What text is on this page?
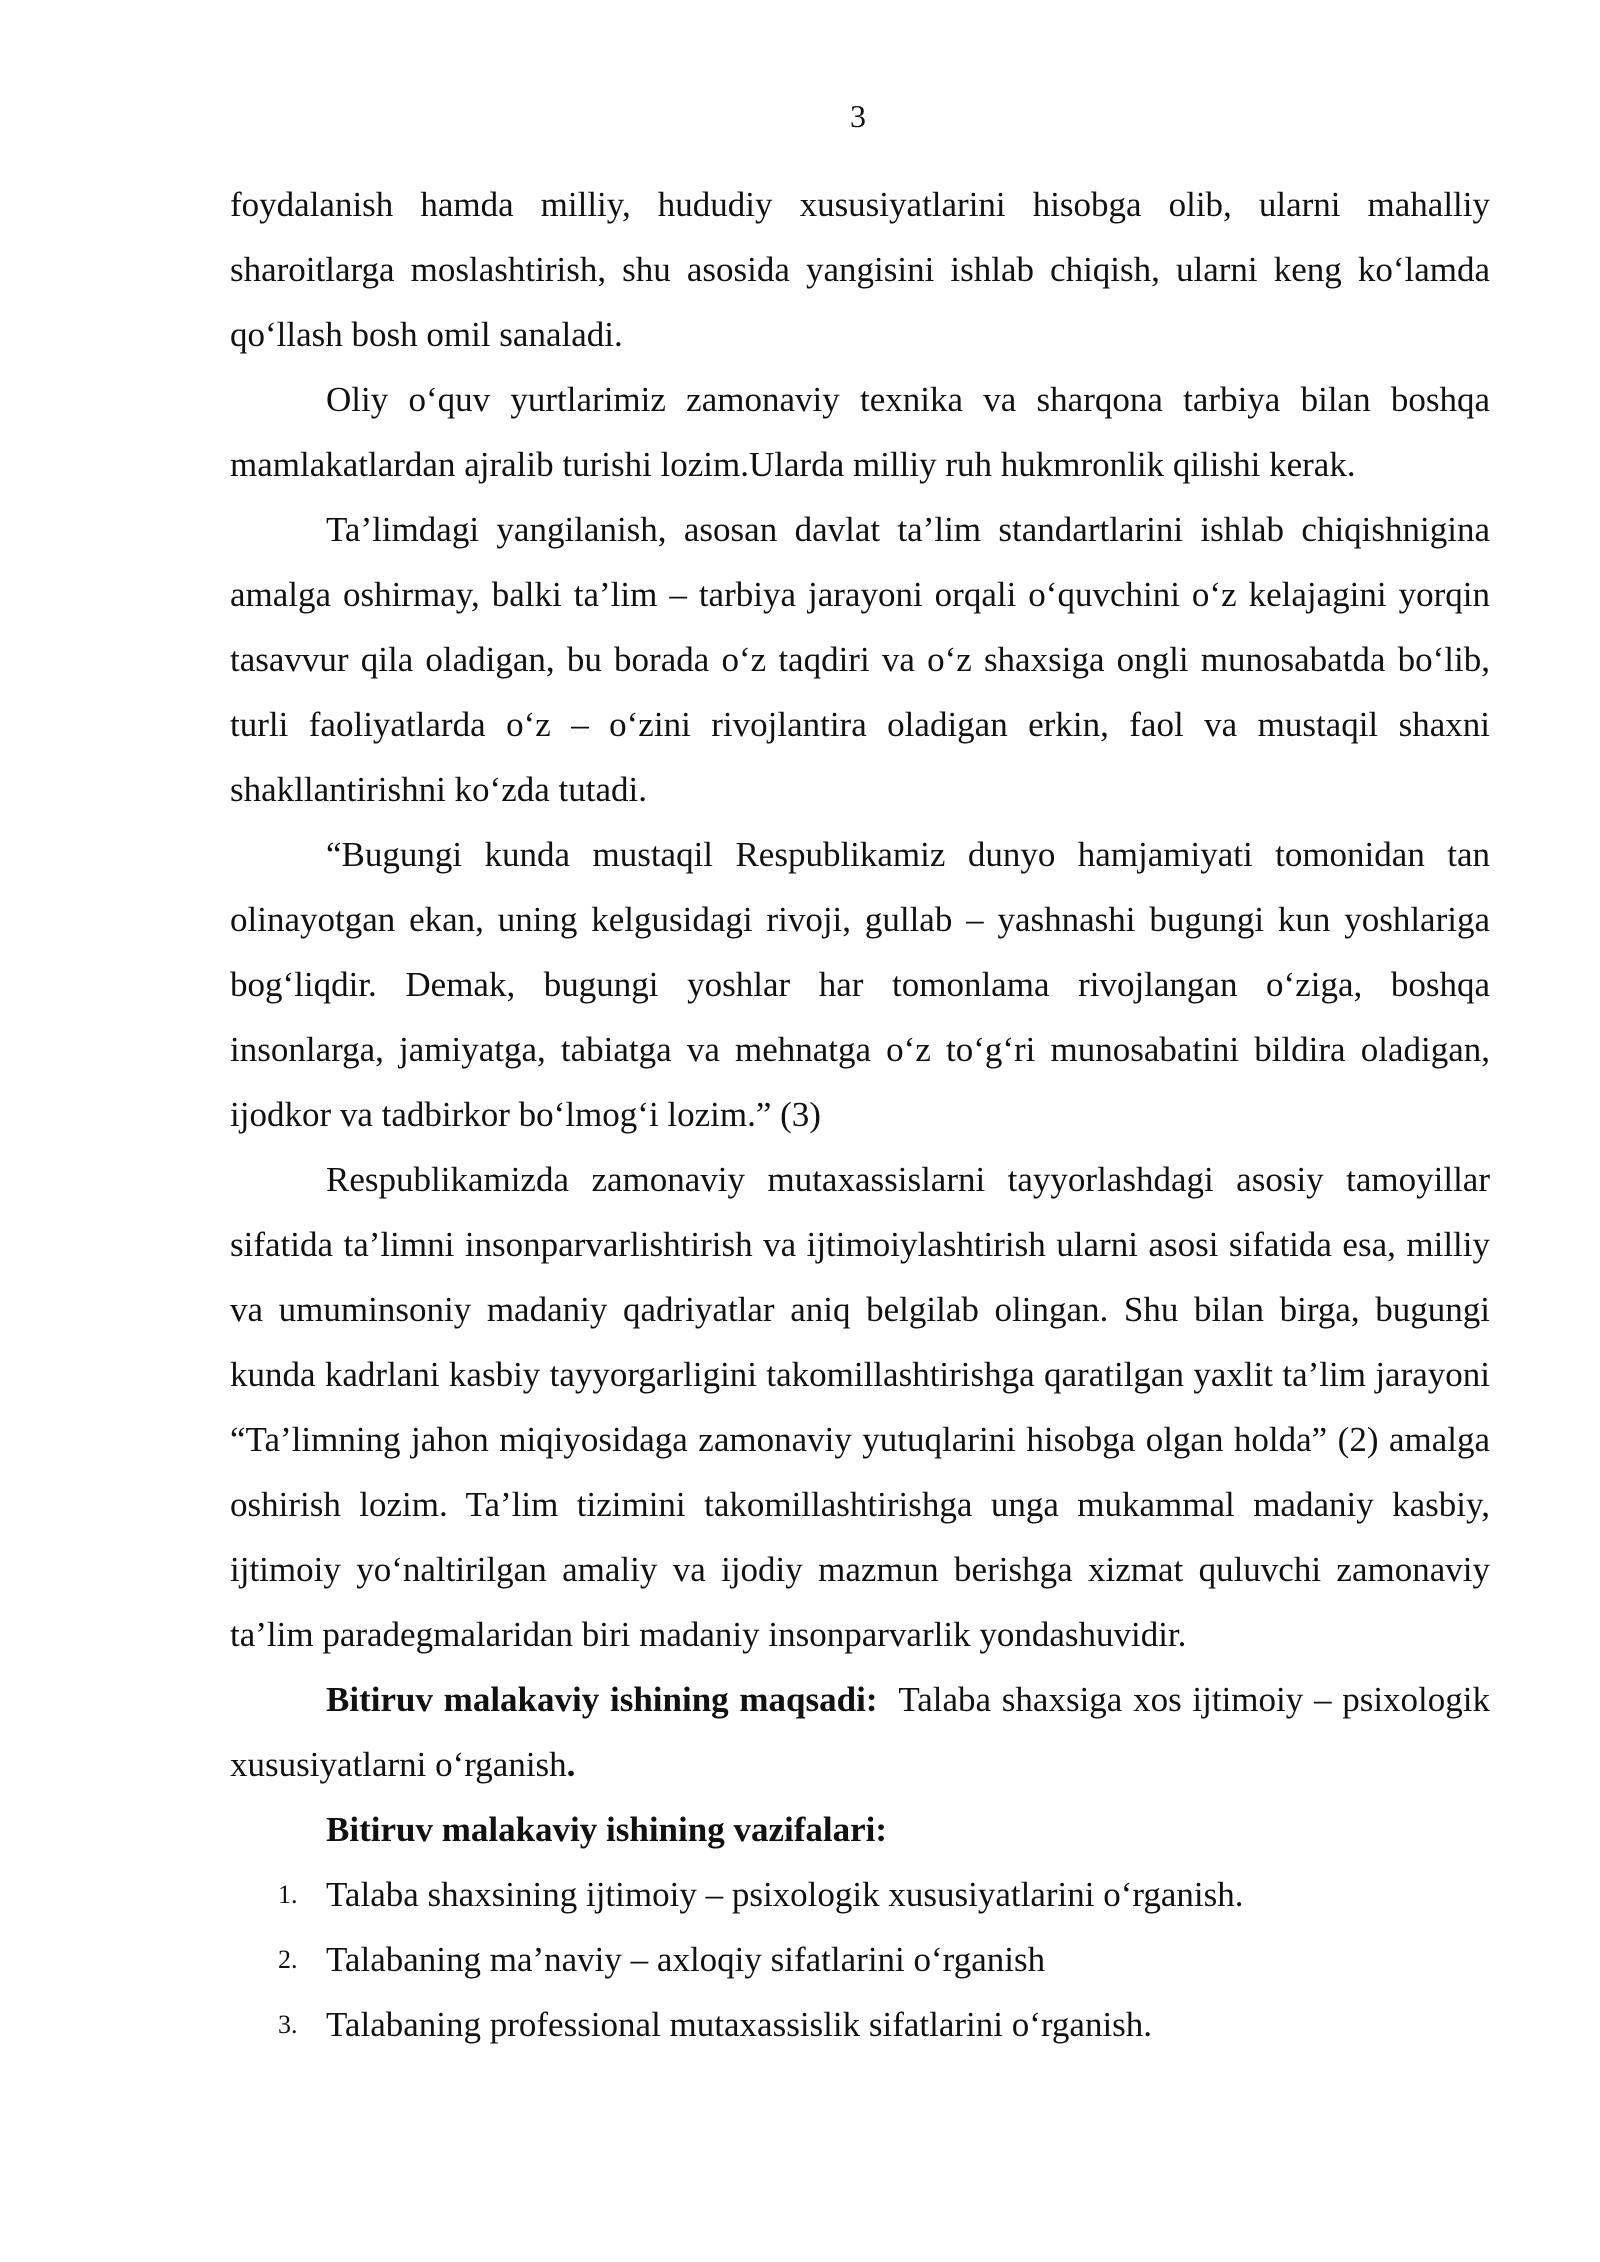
3

foydalanish hamda milliy, hududiy xususiyatlarini hisobga olib, ularni mahalliy sharoitlarga moslashtirish, shu asosida yangisini ishlab chiqish, ularni keng ko‘lamda qo‘llash bosh omil sanaladi.

Oliy o‘quv yurtlarimiz zamonaviy texnika va sharqona tarbiya bilan boshqa mamlakatlardan ajralib turishi lozim.Ularda milliy ruh hukmronlik qilishi kerak.

Ta’limdagi yangilanish, asosan davlat ta’lim standartlarini ishlab chiqishnigina amalga oshirmay, balki ta’lim – tarbiya jarayoni orqali o‘quvchini o‘z kelajagini yorqin tasavvur qila oladigan, bu borada o‘z taqdiri va o‘z shaxsiga ongli munosabatda bo‘lib, turli faoliyatlarda o‘z – o‘zini rivojlantira oladigan erkin, faol va mustaqil shaxni shakllantirishni ko‘zda tutadi.

“Bugungi kunda mustaqil Respublikamiz dunyo hamjamiyati tomonidan tan olinayotgan ekan, uning kelgusidagi rivoji, gullab – yashnashi bugungi kun yoshlariga bog‘liqdir. Demak, bugungi yoshlar har tomonlama rivojlangan o‘ziga, boshqa insonlarga, jamiyatga, tabiatga va mehnatga o‘z to‘g‘ri munosabatini bildira oladigan, ijodkor va tadbirkor bo‘lmog‘i lozim.” (3)

Respublikamizda zamonaviy mutaxassislarni tayyorlashdagi asosiy tamoyillar sifatida ta’limni insonparvarlishtirish va ijtimoiylashtirish ularni asosi sifatida esa, milliy va umuminsoniy madaniy qadriyatlar aniq belgilab olingan. Shu bilan birga, bugungi kunda kadrlani kasbiy tayyorgarligini takomillashtirishga qaratilgan yaxlit ta’lim jarayoni “Ta’limning jahon miqiyosidaga zamonaviy yutuqlarini hisobga olgan holda” (2) amalga oshirish lozim. Ta’lim tizimini takomillashtirishga unga mukammal madaniy kasbiy, ijtimoiy yo‘naltirilgan amaliy va ijodiy mazmun berishga xizmat quluvchi zamonaviy ta’lim paradegmalaridan biri madaniy insonparvarlik yondashuvidir.

Bitiruv malakaviy ishining maqsadi: Talaba shaxsiga xos ijtimoiy – psixologik xususiyatlarni o‘rganish.

Bitiruv malakaviy ishining vazifalari:

1. Talaba shaxsining ijtimoiy – psixologik xususiyatlarini o‘rganish.
2. Talabaning ma’naviy – axloqiy sifatlarini o‘rganish
3. Talabaning professional mutaxassislik sifatlarini o‘rganish.
